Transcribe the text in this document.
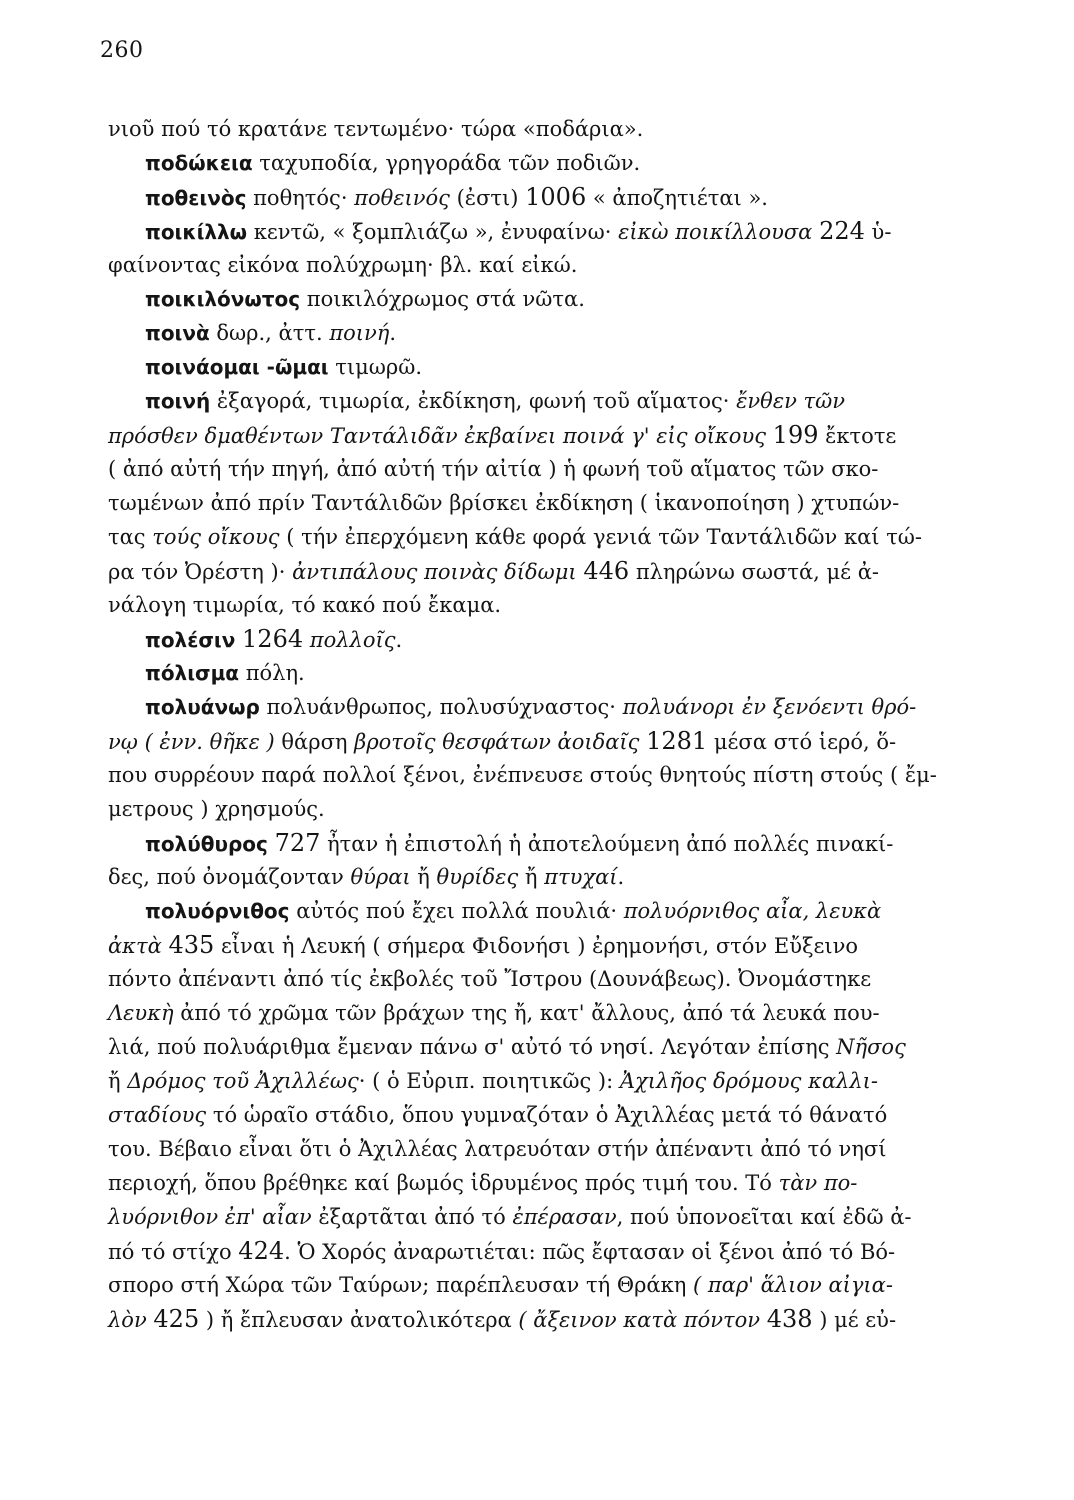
260
νιοῦ πού τό κρατάνε τεντωμένο· τώρα «ποδάρια».
ποδώκεια ταχυποδία, γρηγοράδα τῶν ποδιῶν.
ποθεινὸς ποθητός· ποθεινός (ἐστι) 1006 « ἀποζητιέται ».
ποικίλλω κεντῶ, « ξομπλιάζω », ἐνυφαίνω· εἰκὼ ποικίλλουσα 224 ὑ-
φαίνοντας εἰκόνα πολύχρωμη· βλ. καί εἰκώ.
ποικιλόνωτος ποικιλόχρωμος στά νῶτα.
ποινὰ δωρ., ἀττ. ποινή.
ποινάομαι -ῶμαι τιμωρῶ.
ποινή ἐξαγορά, τιμωρία, ἐκδίκηση, φωνή τοῦ αἵματος· ἔνθεν τῶν
πρόσθεν δμαθέντων Ταντάλιδᾶν ἐκβαίνει ποινά γ' εἰς οἴκους 199 ἔκτοτε
( ἀπό αὐτή τήν πηγή, ἀπό αὐτή τήν αἰτία ) ἡ φωνή τοῦ αἵματος τῶν σκο-
τωμένων ἀπό πρίν Ταντάλιδῶν βρίσκει ἐκδίκηση ( ἱκανοποίηση ) χτυπών-
τας τούς οἴκους ( τήν ἐπερχόμενη κάθε φορά γενιά τῶν Ταντάλιδῶν καί τώ-
ρα τόν Ὀρέστη )· ἀντιπάλους ποινὰς δίδωμι 446 πληρώνω σωστά, μέ ἀ-
νάλογη τιμωρία, τό κακό πού ἔκαμα.
πολέσιν 1264 πολλοῖς.
πόλισμα πόλη.
πολυάνωρ πολυάνθρωπος, πολυσύχναστος· πολυάνορι ἐν ξενόεντι θρό-
νῳ ( ἐνν. θῆκε ) θάρση βροτοῖς θεσφάτων ἀοιδαῖς 1281 μέσα στό ἱερό, ὅ-
που συρρέουν παρά πολλοί ξένοι, ἐνέπνευσε στούς θνητούς πίστη στούς ( ἔμ-
μετρους ) χρησμούς.
πολύθυρος 727 ἦταν ἡ ἐπιστολή ἡ ἀποτελούμενη ἀπό πολλές πινακί-
δες, πού ὀνομάζονταν θύραι ἤ θυρίδες ἤ πτυχαί.
πολυόρνιθος αὐτός πού ἔχει πολλά πουλιά· πολυόρνιθος αἶα, λευκὰ
ἀκτὰ 435 εἶναι ἡ Λευκή ( σήμερα Φιδονήσι ) ἐρημονήσι, στόν Εὔξεινο
πόντο ἀπέναντι ἀπό τίς ἐκβολές τοῦ Ἴστρου (Δουνάβεως). Ὀνομάστηκε
Λευκὴ ἀπό τό χρῶμα τῶν βράχων της ἤ, κατ' ἄλλους, ἀπό τά λευκά που-
λιά, πού πολυάριθμα ἔμεναν πάνω σ' αὐτό τό νησί. Λεγόταν ἐπίσης Νῆσος
ἤ Δρόμος τοῦ Ἀχιλλέως· ( ὁ Εὐριπ. ποιητικῶς ): Ἀχιλῆος δρόμους καλλι-
σταδίους τό ὡραῖο στάδιο, ὅπου γυμναζόταν ὁ Ἀχιλλέας μετά τό θάνατό
του. Βέβαιο εἶναι ὅτι ὁ Ἀχιλλέας λατρευόταν στήν ἀπέναντι ἀπό τό νησί
περιοχή, ὅπου βρέθηκε καί βωμός ἱδρυμένος πρός τιμή του. Τό τὰν πο-
λυόρνιθον ἐπ' αἶαν ἐξαρτᾶται ἀπό τό ἐπέρασαν, πού ὑπονοεῖται καί ἐδῶ ἀ-
πό τό στίχο 424. Ὁ Χορός ἀναρωτιέται: πῶς ἔφτασαν οἱ ξένοι ἀπό τό Βό-
σπορο στή Χώρα τῶν Ταύρων; παρέπλευσαν τή Θράκη ( παρ' ἅλιον αἰγια-
λὸν 425 ) ἤ ἔπλευσαν ἀνατολικότερα ( ἄξεινον κατὰ πόντον 438 ) μέ εὐ-
